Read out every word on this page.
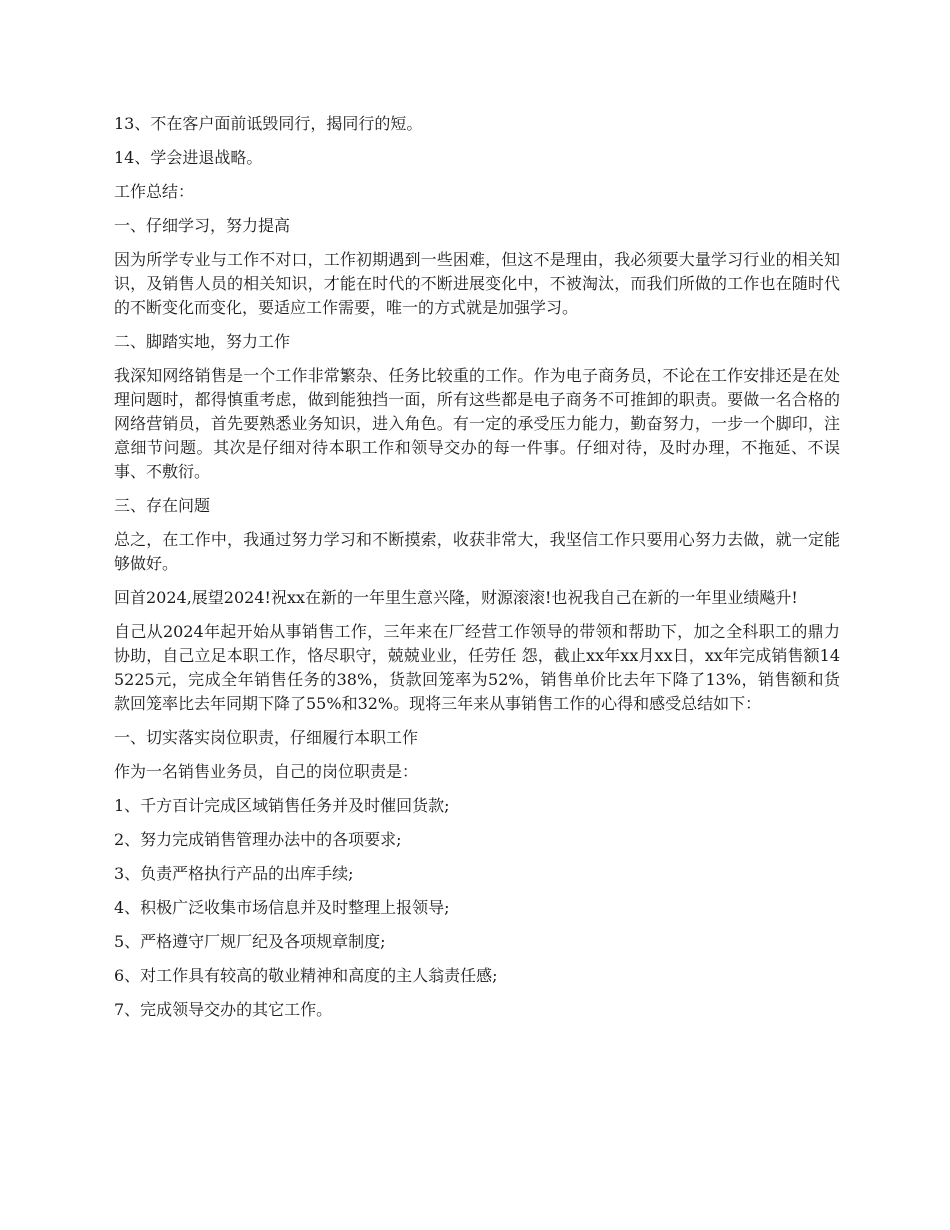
13、不在客户面前诋毁同行，揭同行的短。

14、学会进退战略。

工作总结：

一、仔细学习，努力提高

因为所学专业与工作不对口，工作初期遇到一些困难，但这不是理由，我必须要大量学习行业的相关知识，及销售人员的相关知识，才能在时代的不断进展变化中，不被淘汰，而我们所做的工作也在随时代的不断变化而变化，要适应工作需要，唯一的方式就是加强学习。

二、脚踏实地，努力工作

我深知网络销售是一个工作非常繁杂、任务比较重的工作。作为电子商务员，不论在工作安排还是在处理问题时，都得慎重考虑，做到能独挡一面，所有这些都是电子商务不可推卸的职责。要做一名合格的网络营销员，首先要熟悉业务知识，进入角色。有一定的承受压力能力，勤奋努力，一步一个脚印，注意细节问题。其次是仔细对待本职工作和领导交办的每一件事。仔细对待，及时办理，不拖延、不误事、不敷衍。

三、存在问题

总之，在工作中，我通过努力学习和不断摸索，收获非常大，我坚信工作只要用心努力去做，就一定能够做好。

回首2024,展望2024!祝xx在新的一年里生意兴隆，财源滚滚!也祝我自己在新的一年里业绩飚升!

自己从2024年起开始从事销售工作，三年来在厂经营工作领导的带领和帮助下，加之全科职工的鼎力协助，自己立足本职工作，恪尽职守，兢兢业业，任劳任 怨，截止xx年xx月xx日，xx年完成销售额145225元，完成全年销售任务的38%，货款回笼率为52%，销售单价比去年下降了13%，销售额和货 款回笼率比去年同期下降了55%和32%。现将三年来从事销售工作的心得和感受总结如下：

一、切实落实岗位职责，仔细履行本职工作

作为一名销售业务员，自己的岗位职责是：

1、千方百计完成区域销售任务并及时催回货款;

2、努力完成销售管理办法中的各项要求;

3、负责严格执行产品的出库手续;

4、积极广泛收集市场信息并及时整理上报领导;

5、严格遵守厂规厂纪及各项规章制度;

6、对工作具有较高的敬业精神和高度的主人翁责任感;

7、完成领导交办的其它工作。
